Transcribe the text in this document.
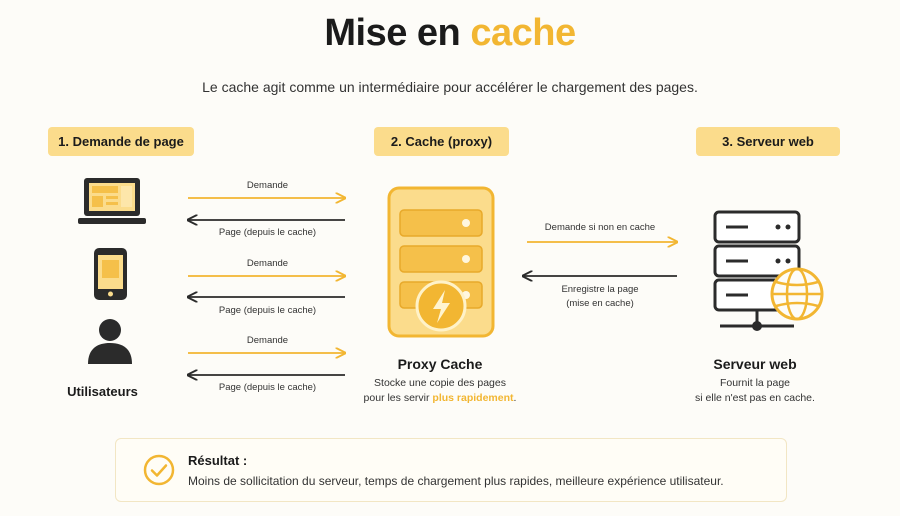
Mise en cache
Le cache agit comme un intermédiaire pour accélérer le chargement des pages.
1. Demande de page	2. Cache (proxy)	3. Serveur web
Utilisateurs
Demande
Page (depuis le cache)
Demande
Page (depuis le cache)
Demande
Page (depuis le cache)
Proxy Cache
Stocke une copie des pages
pour les servir plus rapidement.
Demande si non en cache
Enregistre la page
(mise en cache)
Serveur web
Fournit la page
si elle n'est pas en cache.
Résultat :
Moins de sollicitation du serveur, temps de chargement plus rapides, meilleure expérience utilisateur.
